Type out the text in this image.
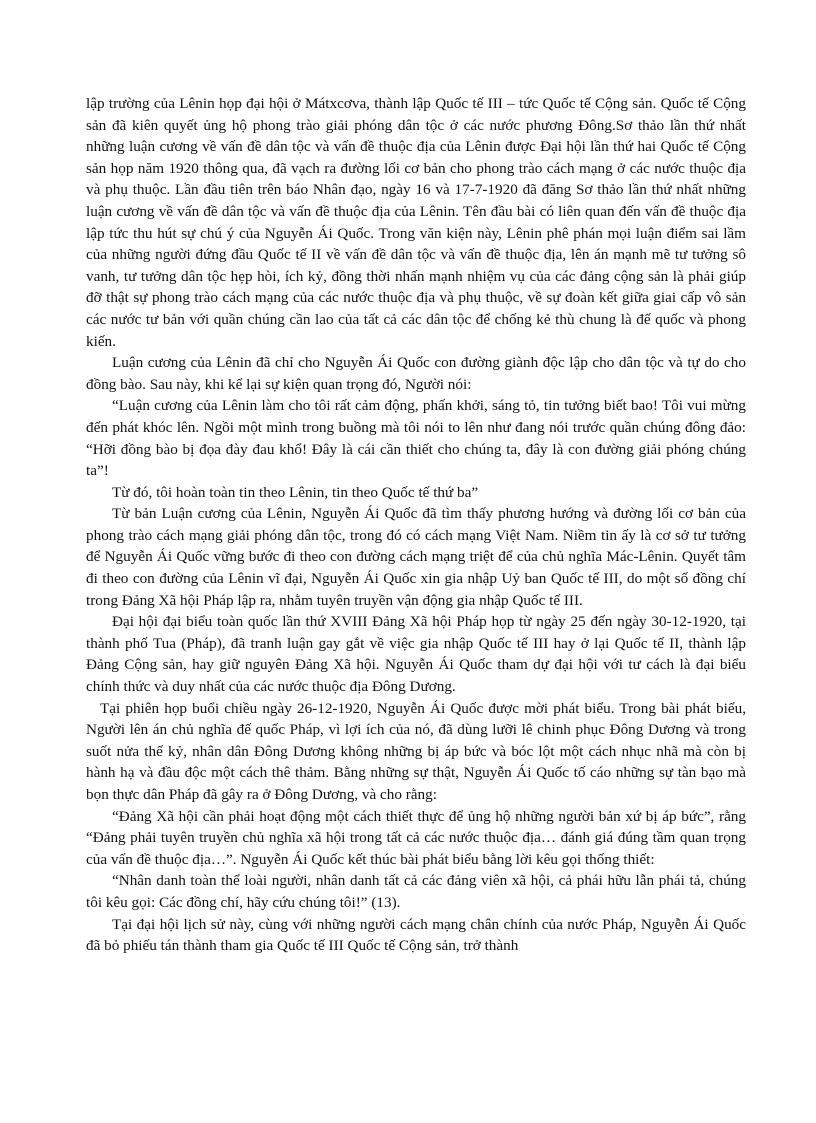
lập trường của Lênin họp đại hội ở Mátxcơva, thành lập Quốc tế III – tức Quốc tế Cộng sản. Quốc tế Cộng sản đã kiên quyết ủng hộ phong trào giải phóng dân tộc ở các nước phương Đông.Sơ thảo lần thứ nhất những luận cương về vấn đề dân tộc và vấn đề thuộc địa của Lênin được Đại hội lần thứ hai Quốc tế Cộng sản họp năm 1920 thông qua, đã vạch ra đường lối cơ bản cho phong trào cách mạng ở các nước thuộc địa và phụ thuộc. Lần đầu tiên trên báo Nhân đạo, ngày 16 và 17-7-1920 đã đăng Sơ thảo lần thứ nhất những luận cương về vấn đề dân tộc và vấn đề thuộc địa của Lênin. Tên đầu bài có liên quan đến vấn đề thuộc địa lập tức thu hút sự chú ý của Nguyễn Ái Quốc. Trong văn kiện này, Lênin phê phán mọi luận điểm sai lầm của những người đứng đầu Quốc tế II về vấn đề dân tộc và vấn đề thuộc địa, lên án mạnh mẽ tư tưởng sô vanh, tư tưởng dân tộc hẹp hòi, ích kỷ, đồng thời nhấn mạnh nhiệm vụ của các đảng cộng sản là phải giúp đỡ thật sự phong trào cách mạng của các nước thuộc địa và phụ thuộc, về sự đoàn kết giữa giai cấp vô sản các nước tư bản với quần chúng cần lao của tất cả các dân tộc để chống kẻ thù chung là đế quốc và phong kiến.

Luận cương của Lênin đã chỉ cho Nguyễn Ái Quốc con đường giành độc lập cho dân tộc và tự do cho đồng bào. Sau này, khi kể lại sự kiện quan trọng đó, Người nói:

“Luận cương của Lênin làm cho tôi rất cảm động, phấn khởi, sáng tỏ, tin tưởng biết bao! Tôi vui mừng đến phát khóc lên. Ngồi một mình trong buồng mà tôi nói to lên như đang nói trước quần chúng đông đảo: “Hỡi đồng bào bị đọa đày đau khổ! Đây là cái cần thiết cho chúng ta, đây là con đường giải phóng chúng ta”!

Từ đó, tôi hoàn toàn tin theo Lênin, tin theo Quốc tế thứ ba”

Từ bản Luận cương của Lênin, Nguyễn Ái Quốc đã tìm thấy phương hướng và đường lối cơ bản của phong trào cách mạng giải phóng dân tộc, trong đó có cách mạng Việt Nam. Niềm tin ấy là cơ sở tư tưởng để Nguyễn Ái Quốc vững bước đi theo con đường cách mạng triệt để của chủ nghĩa Mác-Lênin. Quyết tâm đi theo con đường của Lênin vĩ đại, Nguyễn Ái Quốc xin gia nhập Uỷ ban Quốc tế III, do một số đồng chí trong Đảng Xã hội Pháp lập ra, nhằm tuyên truyền vận động gia nhập Quốc tế III.

Đại hội đại biểu toàn quốc lần thứ XVIII Đảng Xã hội Pháp họp từ ngày 25 đến ngày 30-12-1920, tại thành phố Tua (Pháp), đã tranh luận gay gắt về việc gia nhập Quốc tế III hay ở lại Quốc tế II, thành lập Đảng Cộng sản, hay giữ nguyên Đảng Xã hội. Nguyễn Ái Quốc tham dự đại hội với tư cách là đại biểu chính thức và duy nhất của các nước thuộc địa Đông Dương.

Tại phiên họp buổi chiều ngày 26-12-1920, Nguyễn Ái Quốc được mời phát biểu. Trong bài phát biểu, Người lên án chủ nghĩa đế quốc Pháp, vì lợi ích của nó, đã dùng lưỡi lê chinh phục Đông Dương và trong suốt nửa thế kỷ, nhân dân Đông Dương không những bị áp bức và bóc lột một cách nhục nhã mà còn bị hành hạ và đầu độc một cách thê thảm. Bằng những sự thật, Nguyễn Ái Quốc tố cáo những sự tàn bạo mà bọn thực dân Pháp đã gây ra ở Đông Dương, và cho rằng:

“Đảng Xã hội cần phải hoạt động một cách thiết thực để ủng hộ những người bản xứ bị áp bức”, rằng “Đảng phải tuyên truyền chủ nghĩa xã hội trong tất cả các nước thuộc địa… đánh giá đúng tầm quan trọng của vấn đề thuộc địa…”. Nguyễn Ái Quốc kết thúc bài phát biểu bằng lời kêu gọi thống thiết:

“Nhân danh toàn thể loài người, nhân danh tất cả các đảng viên xã hội, cả phái hữu lẫn phái tả, chúng tôi kêu gọi: Các đồng chí, hãy cứu chúng tôi!” (13).

Tại đại hội lịch sử này, cùng với những người cách mạng chân chính của nước Pháp, Nguyễn Ái Quốc đã bỏ phiếu tán thành tham gia Quốc tế III Quốc tế Cộng sản, trở thành
